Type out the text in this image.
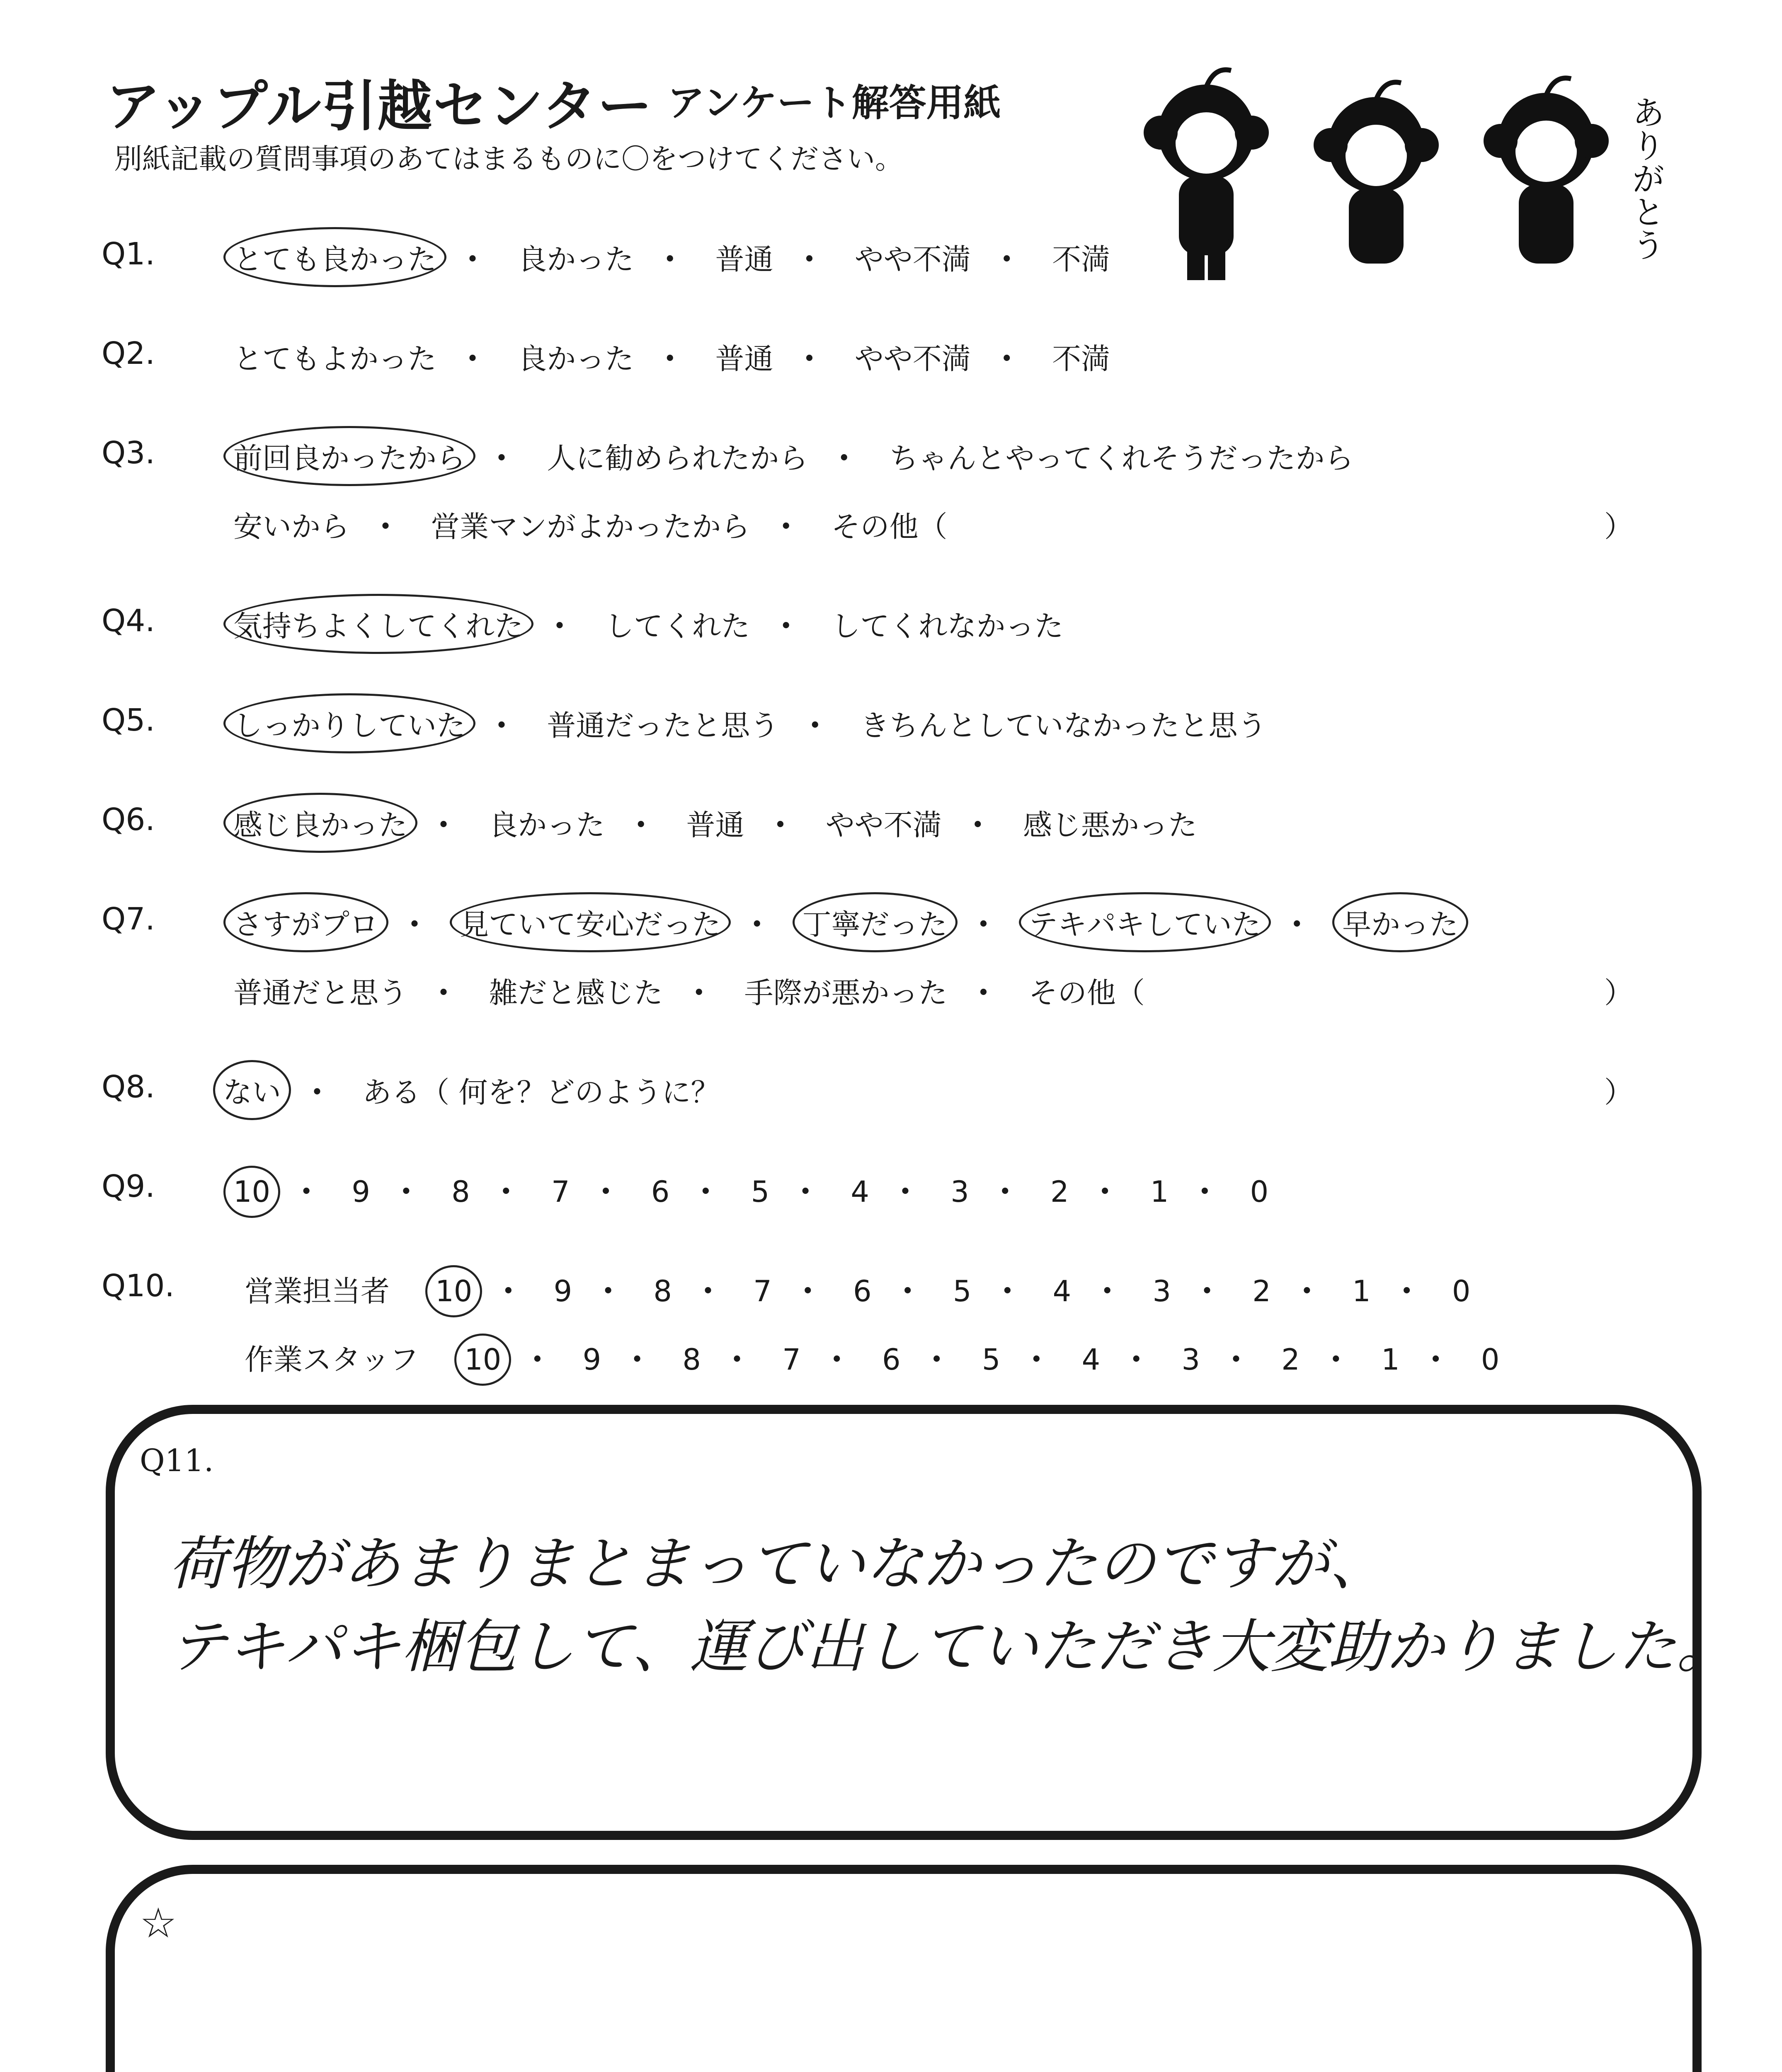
アップル引越センター アンケート解答用紙
別紙記載の質問事項のあてはまるものに〇をつけてください。	ありがとう
Q1.	とても良かった ・ 良かった ・ 普通 ・ やや不満 ・ 不満
Q2.	とてもよかった ・ 良かった ・ 普通 ・ やや不満 ・ 不満
Q3.	前回良かったから ・ 人に勧められたから ・ ちゃんとやってくれそうだったから
安いから ・ 営業マンがよかったから ・ その他（	）
Q4.	気持ちよくしてくれた ・ してくれた ・ してくれなかった
Q5.	しっかりしていた ・ 普通だったと思う ・ きちんとしていなかったと思う
Q6.	感じ良かった ・ 良かった ・ 普通 ・ やや不満 ・ 感じ悪かった
Q7.	さすがプロ ・ 見ていて安心だった ・ 丁寧だった ・ テキパキしていた ・ 早かった
普通だと思う ・ 雑だと感じた ・ 手際が悪かった ・ その他（	）
Q8. ない ・ ある（ 何を？どのように？	）
Q9.	10 ・ 9 ・ 8 ・ 7 ・ 6 ・ 5 ・ 4 ・ 3 ・ 2 ・ 1 ・ 0
Q10. 営業担当者 10 ・ 9 ・ 8 ・ 7 ・ 6 ・ 5 ・ 4 ・ 3 ・ 2 ・ 1 ・ 0
作業スタッフ 10 ・ 9 ・ 8 ・ 7 ・ 6 ・ 5 ・ 4 ・ 3 ・ 2 ・ 1 ・ 0
Q11.
荷物があまりまとまっていなかったのですが、
テキパキ梱包して、運び出していただき大変助かりました。
☆
